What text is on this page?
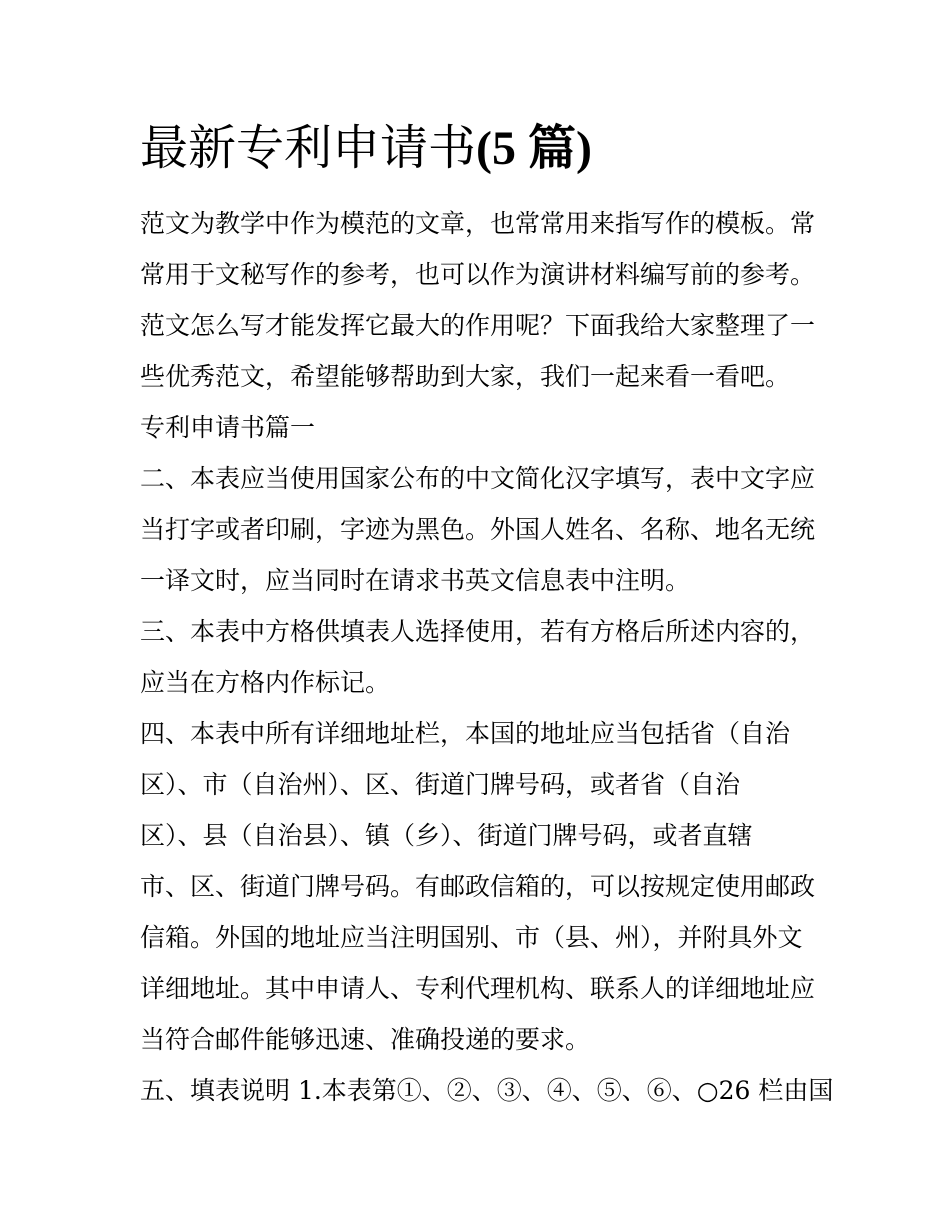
最新专利申请书(5 篇)

范文为教学中作为模范的文章，也常常用来指写作的模板。常

常用于文秘写作的参考，也可以作为演讲材料编写前的参考。

范文怎么写才能发挥它最大的作用呢？下面我给大家整理了一

些优秀范文，希望能够帮助到大家，我们一起来看一看吧。

专利申请书篇一

二、本表应当使用国家公布的中文简化汉字填写，表中文字应

当打字或者印刷，字迹为黑色。外国人姓名、名称、地名无统

一译文时，应当同时在请求书英文信息表中注明。

三、本表中方格供填表人选择使用，若有方格后所述内容的，

应当在方格内作标记。

四、本表中所有详细地址栏，本国的地址应当包括省（自治

区）、市（自治州）、区、街道门牌号码，或者省（自治

区）、县（自治县）、镇（乡）、街道门牌号码，或者直辖

市、区、街道门牌号码。有邮政信箱的，可以按规定使用邮政

信箱。外国的地址应当注明国别、市（县、州），并附具外文

详细地址。其中申请人、专利代理机构、联系人的详细地址应

当符合邮件能够迅速、准确投递的要求。

五、填表说明 1.本表第①、②、③、④、⑤、⑥、○26 栏由国
